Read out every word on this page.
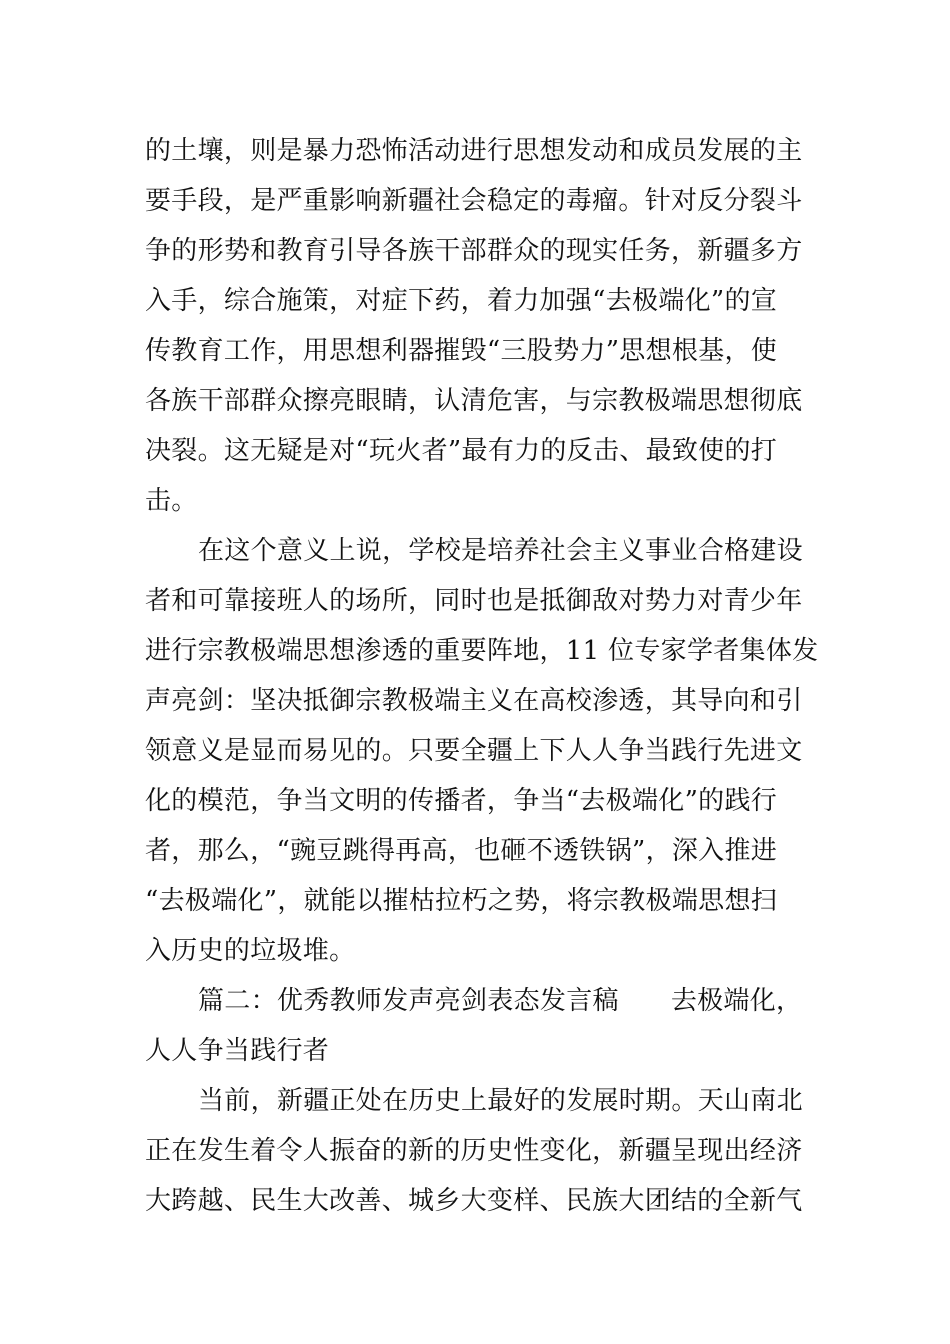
的土壤，则是暴力恐怖活动进行思想发动和成员发展的主
要手段，是严重影响新疆社会稳定的毒瘤。针对反分裂斗
争的形势和教育引导各族干部群众的现实任务，新疆多方
入手，综合施策，对症下药，着力加强“去极端化”的宣
传教育工作，用思想利器摧毁“三股势力”思想根基，使
各族干部群众擦亮眼睛，认清危害，与宗教极端思想彻底
决裂。这无疑是对“玩火者”最有力的反击、最致使的打
击。
在这个意义上说，学校是培养社会主义事业合格建设
者和可靠接班人的场所，同时也是抵御敌对势力对青少年
进行宗教极端思想渗透的重要阵地，11 位专家学者集体发
声亮剑：坚决抵御宗教极端主义在高校渗透，其导向和引
领意义是显而易见的。只要全疆上下人人争当践行先进文
化的模范，争当文明的传播者，争当“去极端化”的践行
者，那么，“豌豆跳得再高，也砸不透铁锅”，深入推进
“去极端化”，就能以摧枯拉朽之势，将宗教极端思想扫
入历史的垃圾堆。
篇二：优秀教师发声亮剑表态发言稿 去极端化，
人人争当践行者
当前，新疆正处在历史上最好的发展时期。天山南北
正在发生着令人振奋的新的历史性变化，新疆呈现出经济
大跨越、民生大改善、城乡大变样、民族大团结的全新气
